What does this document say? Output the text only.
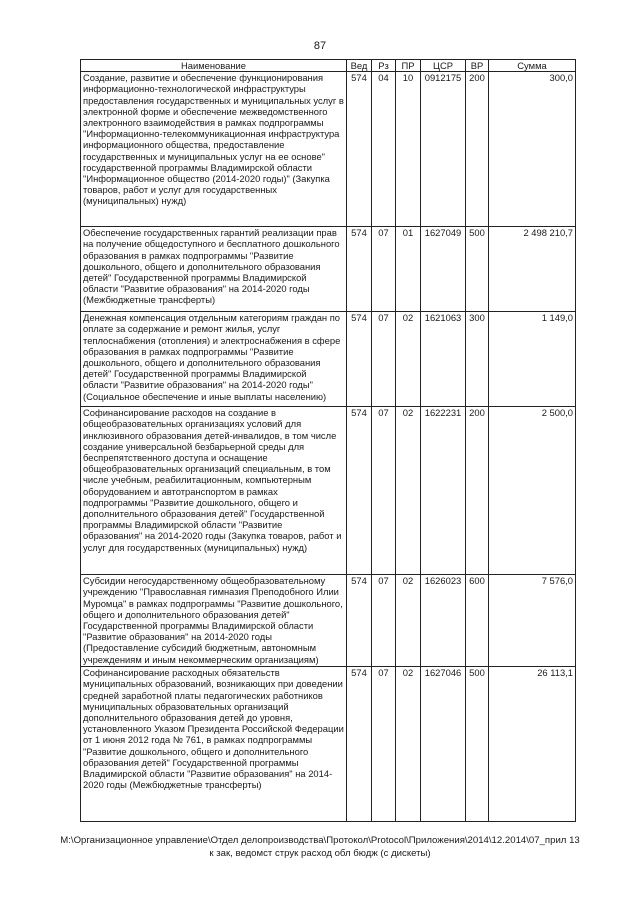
87
Наименование	Вед	Рз	ПР	ЦСР	ВР	Сумма
Создание, развитие и обеспечение функционирования информационно-технологической инфраструктуры предоставления государственных и муниципальных услуг в электронной форме и обеспечение межведомственного электронного взаимодействия в рамках подпрограммы "Информационно-телекоммуникационная инфраструктура информационного общества, предоставление государственных и муниципальных услуг на ее основе" государственной программы Владимирской области "Информационное общество (2014-2020 годы)" (Закупка товаров, работ и услуг для государственных (муниципальных) нужд)	574	04	10	0912175	200	300,0
Обеспечение государственных гарантий реализации прав на получение общедоступного и бесплатного дошкольного образования в рамках подпрограммы "Развитие дошкольного, общего и дополнительного образования детей" Государственной программы Владимирской области "Развитие образования" на 2014-2020 годы (Межбюджетные трансферты)	574	07	01	1627049	500	2 498 210,7
Денежная компенсация отдельным категориям граждан по оплате за содержание и ремонт жилья, услуг теплоснабжения (отопления) и электроснабжения в сфере образования в рамках подпрограммы "Развитие дошкольного, общего и дополнительного образования детей" Государственной программы Владимирской области "Развитие образования" на 2014-2020 годы" (Социальное обеспечение и иные выплаты населению)	574	07	02	1621063	300	1 149,0
Софинансирование расходов на создание в общеобразовательных организациях условий для инклюзивного образования детей-инвалидов, в том числе создание универсальной безбарьерной среды для беспрепятственного доступа и оснащение общеобразовательных организаций специальным, в том числе учебным, реабилитационным, компьютерным оборудованием и автотранспортом в рамках подпрограммы "Развитие дошкольного, общего и дополнительного образования детей" Государственной программы Владимирской области "Развитие образования" на 2014-2020 годы (Закупка товаров, работ и услуг для государственных (муниципальных) нужд)	574	07	02	1622231	200	2 500,0
Субсидии негосударственному общеобразовательному учреждению "Православная гимназия Преподобного Илии Муромца" в рамках подпрограммы "Развитие дошкольного, общего и дополнительного образования детей" Государственной программы Владимирской области "Развитие образования" на 2014-2020 годы (Предоставление субсидий бюджетным, автономным учреждениям и иным некоммерческим организациям)	574	07	02	1626023	600	7 576,0
Софинансирование расходных обязательств муниципальных образований, возникающих при доведении средней заработной платы педагогических работников муниципальных образовательных организаций дополнительного образования детей до уровня, установленного Указом Президента Российской Федерации от 1 июня 2012 года № 761, в рамках подпрограммы "Развитие дошкольного, общего и дополнительного образования детей" Государственной программы Владимирской области "Развитие образования" на 2014-2020 годы (Межбюджетные трансферты)	574	07	02	1627046	500	26 113,1
М:\Организационное управление\Отдел делопроизводства\Протокол\Protocol\Приложения\2014\12.2014\07_прил 13
к зак, ведомст струк расход обл бюдж (с дискеты)
